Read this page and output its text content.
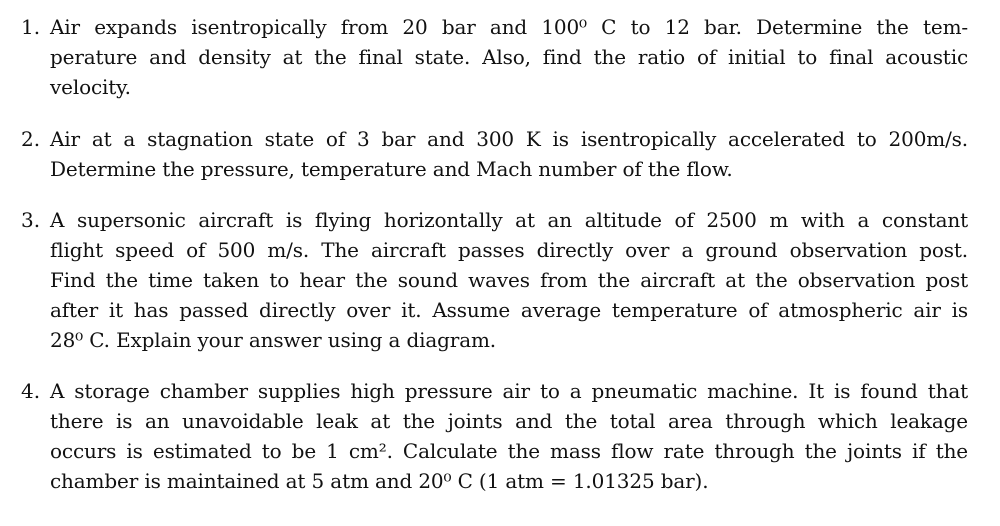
1. Air expands isentropically from 20 bar and 100⁰ C to 12 bar. Determine the tem-
perature and density at the final state. Also, find the ratio of initial to final acoustic
velocity.
2. Air at a stagnation state of 3 bar and 300 K is isentropically accelerated to 200m/s.
Determine the pressure, temperature and Mach number of the flow.
3. A supersonic aircraft is flying horizontally at an altitude of 2500 m with a constant
flight speed of 500 m/s. The aircraft passes directly over a ground observation post.
Find the time taken to hear the sound waves from the aircraft at the observation post
after it has passed directly over it. Assume average temperature of atmospheric air is
28⁰ C. Explain your answer using a diagram.
4. A storage chamber supplies high pressure air to a pneumatic machine. It is found that
there is an unavoidable leak at the joints and the total area through which leakage
occurs is estimated to be 1 cm². Calculate the mass flow rate through the joints if the
chamber is maintained at 5 atm and 20⁰ C (1 atm = 1.01325 bar).
